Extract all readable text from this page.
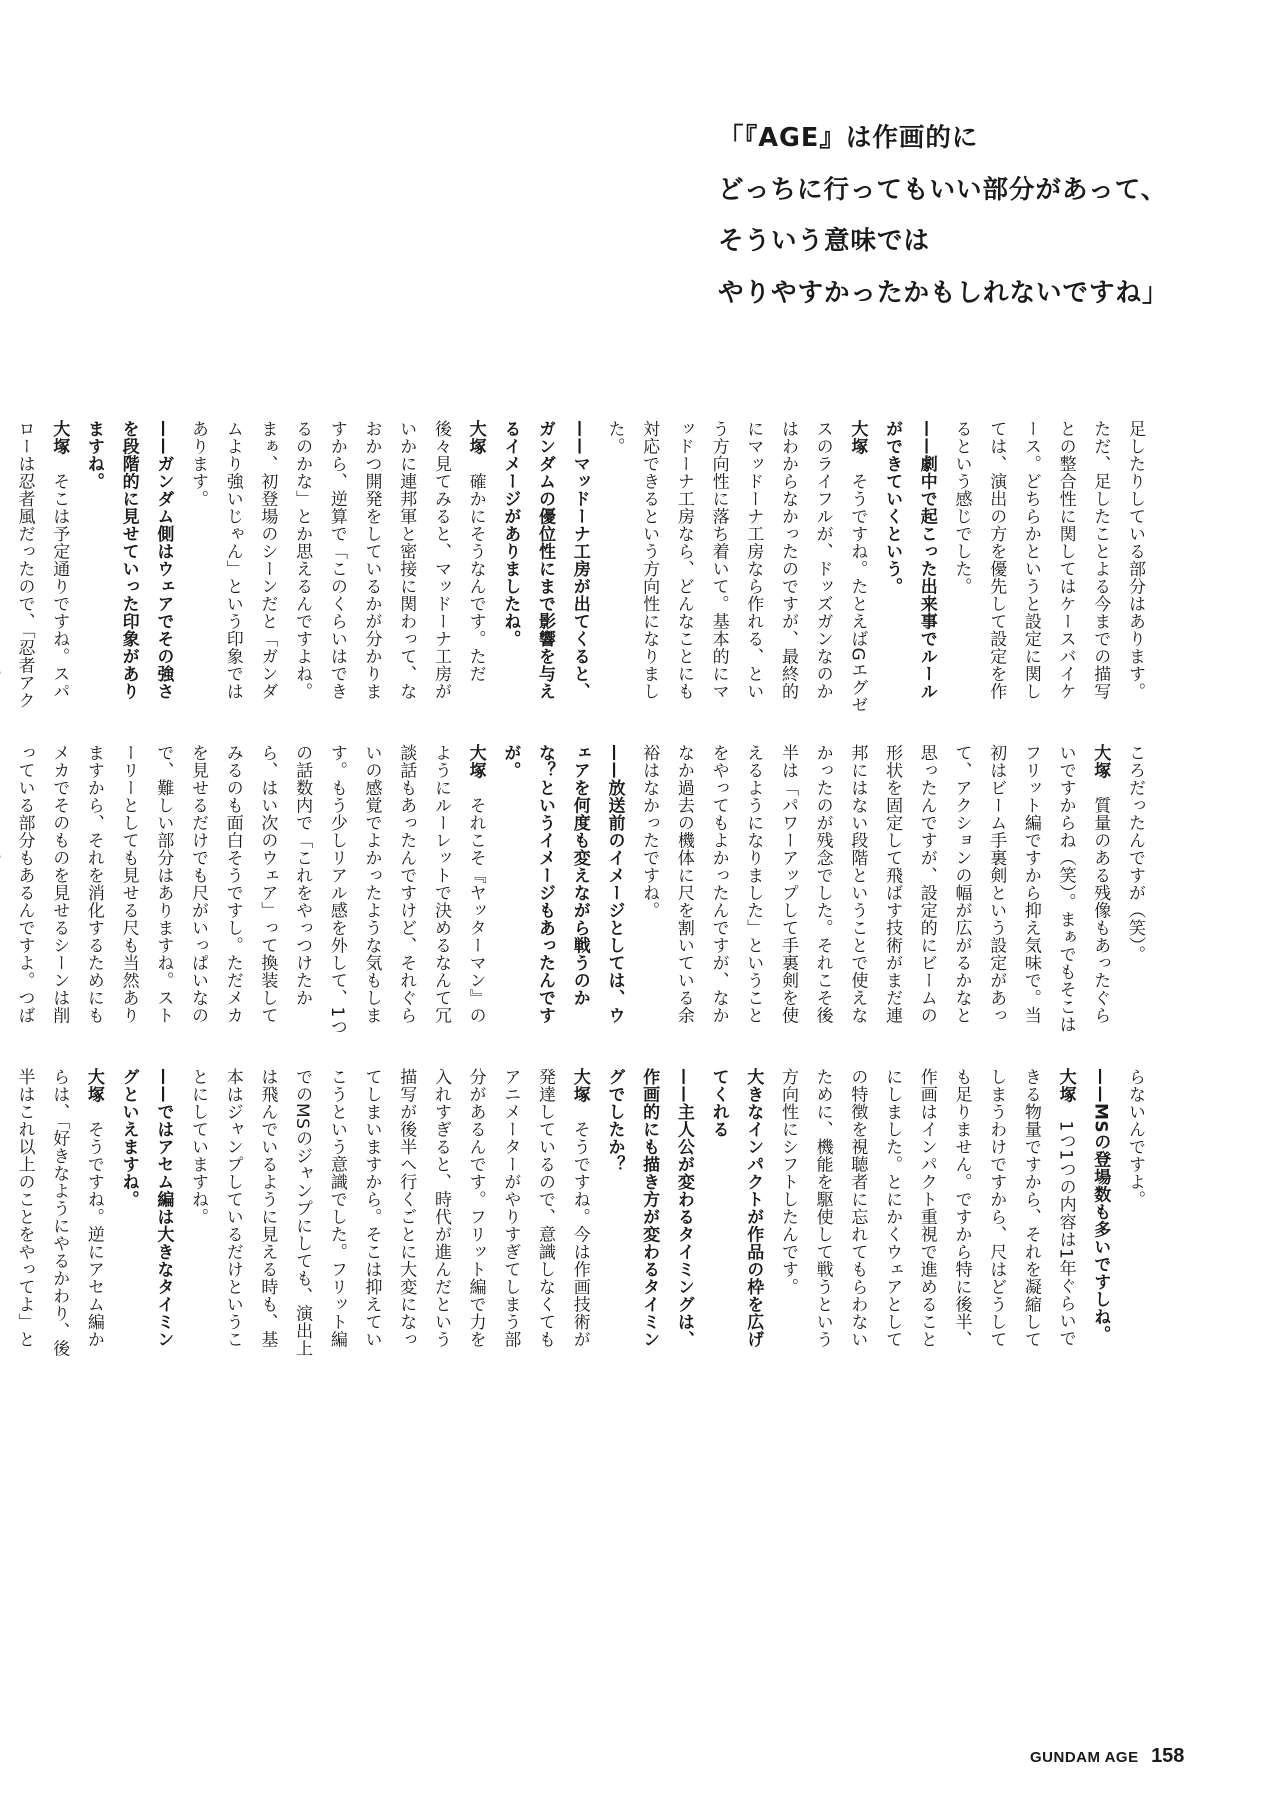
「『AGE』は作画的に
どっちに行ってもいい部分があって、
そういう意味では
やりやすかったかもしれないですね」

足したりしている部分はあります。ただ、足したことよる今までの描写との整合性に関してはケースバイケース。どちらかというと設定に関しては、演出の方を優先して設定を作るという感じでした。

——劇中で起こった出来事でルールができていくという。

大塚　そうですね。たとえばGエグゼスのライフルが、ドッズガンなのかはわからなかったのですが、最終的にマッドーナ工房なら作れる、という方向性に落ち着いて。基本的にマッドーナ工房なら、どんなことにも対応できるという方向性になりました。

——マッドーナ工房が出てくると、ガンダムの優位性にまで影響を与えるイメージがありましたね。

大塚　確かにそうなんです。ただ後々見てみると、マッドーナ工房がいかに連邦軍と密接に関わって、なおかつ開発をしているかが分かりますから、逆算で「このくらいはできるのかな」とか思えるんですよね。まぁ、初登場のシーンだと「ガンダムより強いじゃん」という印象ではあります。

——ガンダム側はウェアでその強さを段階的に見せていった印象がありますね。

大塚　そこは予定通りですね。スパローは忍者風だったので、「忍者アク

ころだったんですが（笑）。

大塚　質量のある残像もあったぐらいですからね（笑）。まぁでもそこはフリット編ですから抑え気味で。当初はビーム手裏剣という設定があって、アクションの幅が広がるかなと思ったんですが、設定的にビームの形状を固定して飛ばす技術がまだ連邦にはない段階ということで使えなかったのが残念でした。それこそ後半は「パワーアップして手裏剣を使えるようになりました」ということをやってもよかったんですが、なかなか過去の機体に尺を割いている余裕はなかったですね。

——放送前のイメージとしては、ウェアを何度も変えながら戦うのかな？というイメージもあったんですが。

大塚　それこそ『ヤッターマン』のようにルーレットで決めるなんて冗談話もあったんですけど、それぐらいの感覚でよかったような気もします。もう少しリアル感を外して、1つの話数内で「これをやっつけたから、はい次のウェア」って換装してみるのも面白そうですし。ただメカを見せるだけでも尺がいっぱいなので、難しい部分はありますね。ストーリーとしても見せる尺も当然ありますから、それを消化するためにもメカでそのものを見せるシーンは削っている部分もあるんですよ。つば

らないんですよ。

——MSの登場数も多いですしね。

大塚　1つ1つの内容は1年ぐらいできる物量ですから、それを凝縮してしまうわけですから、尺はどうしても足りません。ですから特に後半、作画はインパクト重視で進めることにしました。とにかくウェアとしての特徴を視聴者に忘れてもらわないために、機能を駆使して戦うという方向性にシフトしたんです。

大きなインパクトが作品の枠を広げてくれる

——主人公が変わるタイミングは、作画的にも描き方が変わるタイミングでしたか？

大塚　そうですね。今は作画技術が発達しているので、意識しなくてもアニメーターがやりすぎてしまう部分があるんです。フリット編で力を入れすぎると、時代が進んだという描写が後半へ行くごとに大変になってしまいますから。そこは抑えていこうという意識でした。フリット編でのMSのジャンプにしても、演出上は飛んでいるように見える時も、基本はジャンプしているだけということにしていますね。

——ではアセム編は大きなタイミングといえますね。

大塚　そうですね。逆にアセム編からは、「好きなようにやるかわり、後半はこれ以上のことをやってよ」と

GUNDAM AGE 158
